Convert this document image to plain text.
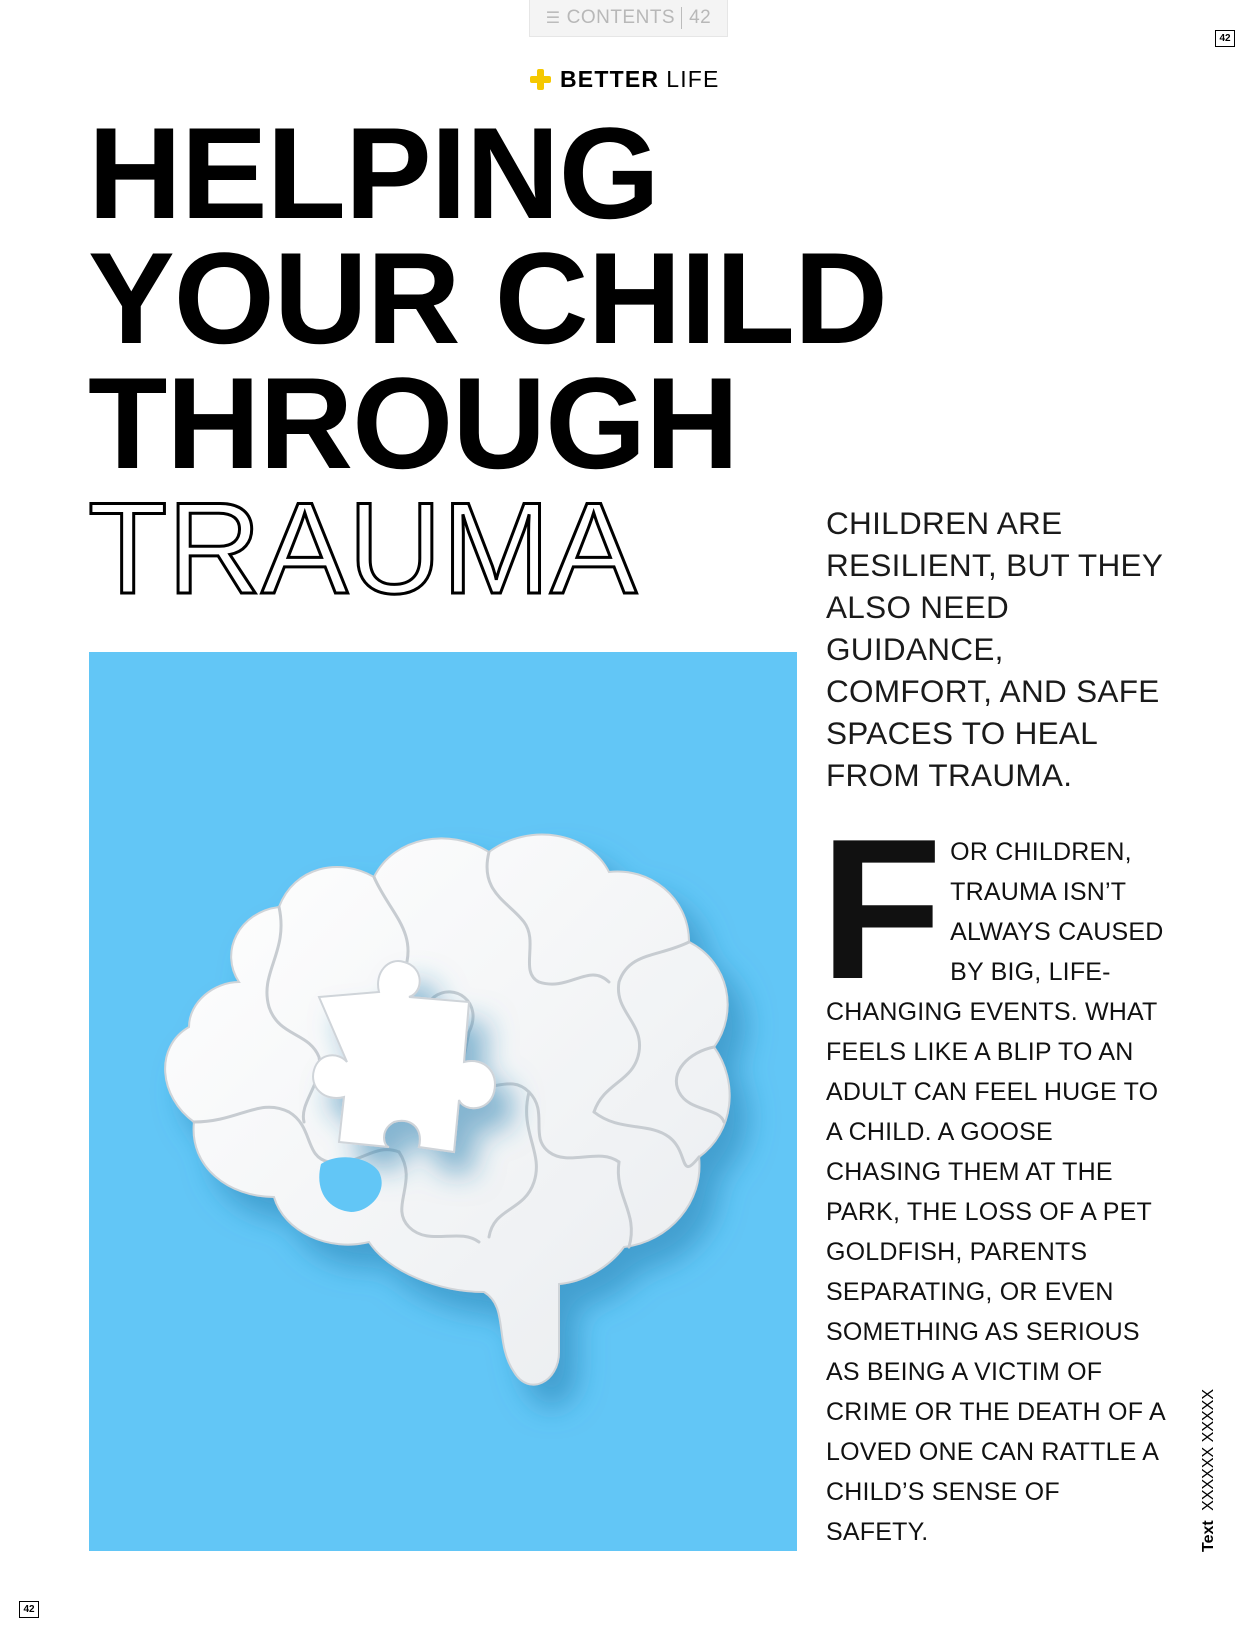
☰ CONTENTS 42
42
42
BETTER LIFE
HELPING
YOUR CHILD
THROUGH
TRAUMA	CHILDREN ARE RESILIENT, BUT THEY ALSO NEED GUIDANCE, COMFORT, AND SAFE SPACES TO HEAL FROM TRAUMA.
F OR CHILDREN, TRAUMA ISN’T ALWAYS CAUSED BY BIG, LIFE-CHANGING EVENTS. WHAT FEELS LIKE A BLIP TO AN ADULT CAN FEEL HUGE TO A CHILD. A GOOSE CHASING THEM AT THE PARK, THE LOSS OF A PET GOLDFISH, PARENTS SEPARATING, OR EVEN SOMETHING AS SERIOUS AS BEING A VICTIM OF CRIME OR THE DEATH OF A LOVED ONE CAN RATTLE A CHILD’S SENSE OF SAFETY.	Text XXXXXX XXXXX
